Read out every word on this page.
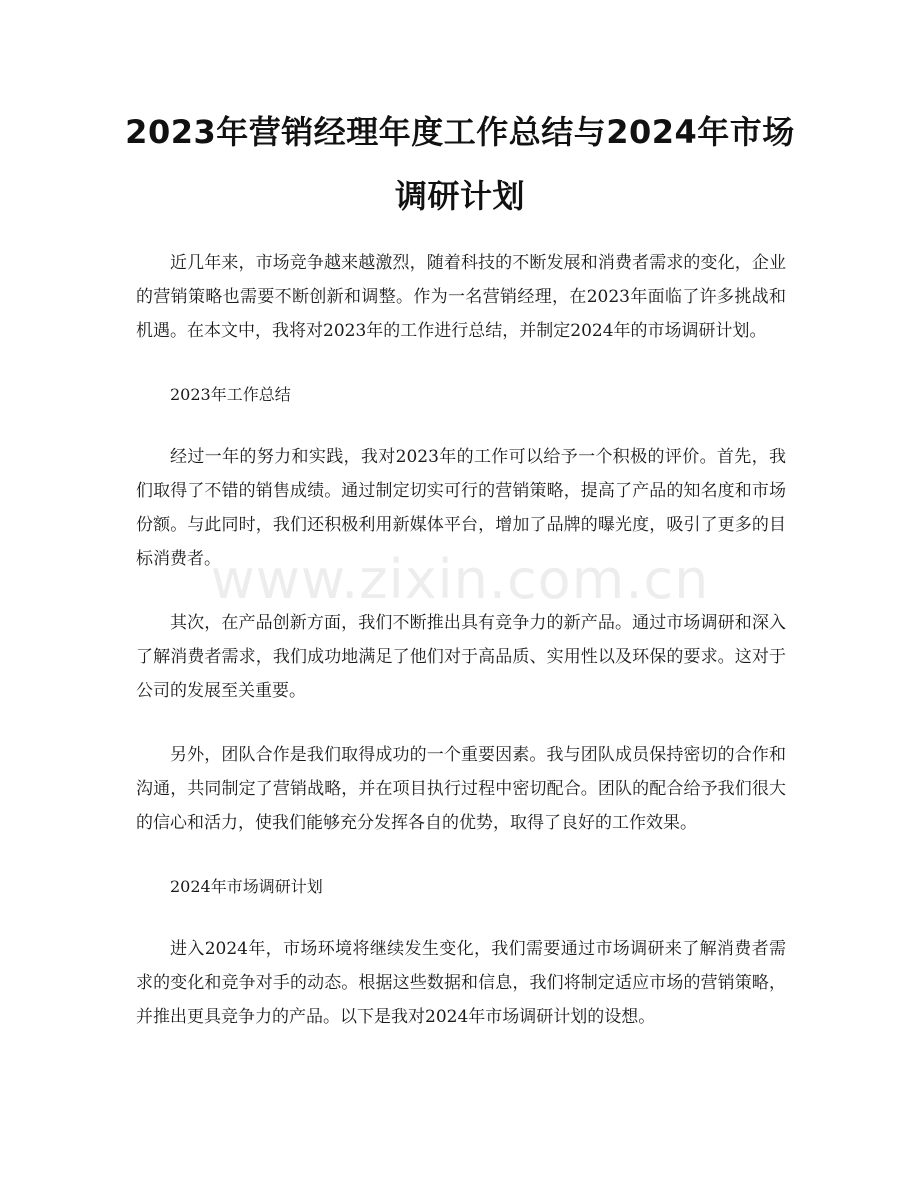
2023年营销经理年度工作总结与2024年市场调研计划

近几年来，市场竞争越来越激烈，随着科技的不断发展和消费者需求的变化，企业的营销策略也需要不断创新和调整。作为一名营销经理，在2023年面临了许多挑战和机遇。在本文中，我将对2023年的工作进行总结，并制定2024年的市场调研计划。

2023年工作总结

经过一年的努力和实践，我对2023年的工作可以给予一个积极的评价。首先，我们取得了不错的销售成绩。通过制定切实可行的营销策略，提高了产品的知名度和市场份额。与此同时，我们还积极利用新媒体平台，增加了品牌的曝光度，吸引了更多的目标消费者。

其次，在产品创新方面，我们不断推出具有竞争力的新产品。通过市场调研和深入了解消费者需求，我们成功地满足了他们对于高品质、实用性以及环保的要求。这对于公司的发展至关重要。

另外，团队合作是我们取得成功的一个重要因素。我与团队成员保持密切的合作和沟通，共同制定了营销战略，并在项目执行过程中密切配合。团队的配合给予我们很大的信心和活力，使我们能够充分发挥各自的优势，取得了良好的工作效果。

2024年市场调研计划

进入2024年，市场环境将继续发生变化，我们需要通过市场调研来了解消费者需求的变化和竞争对手的动态。根据这些数据和信息，我们将制定适应市场的营销策略，并推出更具竞争力的产品。以下是我对2024年市场调研计划的设想。

www.zixin.com.cn
